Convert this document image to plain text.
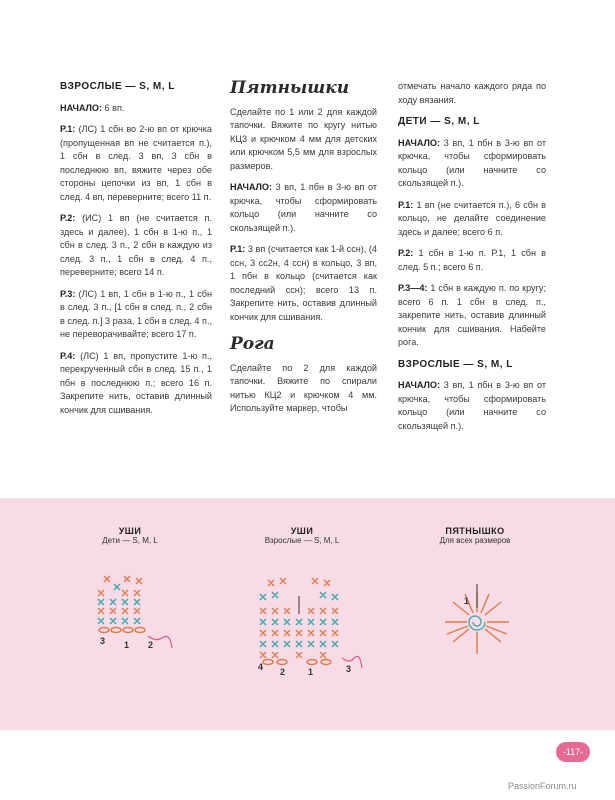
ВЗРОСЛЫЕ — S, M, L

НАЧАЛО: 6 вп.

Р.1: (ЛС) 1 сбн во 2-ю вп от крючка (пропущенная вп не считается п.), 1 сбн в след. 3 вп, 3 сбн в последнюю вп, вяжите через обе стороны цепочки из вп, 1 сбн в след. 4 вп, переверните; всего 11 п.

Р.2: (ИС) 1 вп (не считается п. здесь и далее), 1 сбн в 1-ю п., 1 сбн в след. 3 п., 2 сбн в каждую из след. 3 п., 1 сбн в след. 4 п., переверните; всего 14 п.

Р.3: (ЛС) 1 вп, 1 сбн в 1-ю п., 1 сбн в след. 3 п., [1 сбн в след. п., 2 сбн в след. п.] 3 раза, 1 сбн в след. 4 п., не переворачивайте; всего 17 п.

Р.4: (ЛС) 1 вп, пропустите 1-ю п., перекрученный сбн в след. 15 п., 1 пбн в последнюю п.; всего 16 п. Закрепите нить, оставив длинный кончик для сшивания.

Пятнышки

Сделайте по 1 или 2 для каждой тапочки. Вяжите по кругу нитью КЦ3 и крючком 4 мм для детских или крючком 5,5 мм для взрослых размеров.

НАЧАЛО: 3 вп, 1 пбн в 3-ю вп от крючка, чтобы сформировать кольцо (или начните со скользящей п.).

Р.1: 3 вп (считается как 1-й ссн), (4 ссн, 3 сс2н, 4 ссн) в кольцо, 3 вп, 1 пбн в кольцо (считается как последний ссн); всего 13 п. Закрепите нить, оставив длинный кончик для сшивания.

Рога

Сделайте по 2 для каждой тапочки. Вяжите по спирали нитью КЦ2 и крючком 4 мм. Используйте маркер, чтобы

отмечать начало каждого ряда по ходу вязания.

ДЕТИ — S, M, L

НАЧАЛО: 3 вп, 1 пбн в 3-ю вп от крючка, чтобы сформировать кольцо (или начните со скользящей п.).

Р.1: 1 вп (не считается п.), 6 сбн в кольцо, не делайте соединение здесь и далее; всего 6 п.

Р.2: 1 сбн в 1-ю п. Р.1, 1 сбн в след. 5 п.; всего 6 п.

Р.3—4: 1 сбн в каждую п. по кругу; всего 6 п. 1 сбн в след. п., закрепите нить, оставив длинный кончик для сшивания. Набейте рога.

ВЗРОСЛЫЕ — S, M, L

НАЧАЛО: 3 вп, 1 пбн в 3-ю вп от крючка, чтобы сформировать кольцо (или начните со скользящей п.).

УШИ
Дети — S, M, L
3 1 2
УШИ
Взрослые — S, M, L
4 2	1	3
ПЯТНЫШКО
Для всех размеров
1
-117-
PassionForum.ru
